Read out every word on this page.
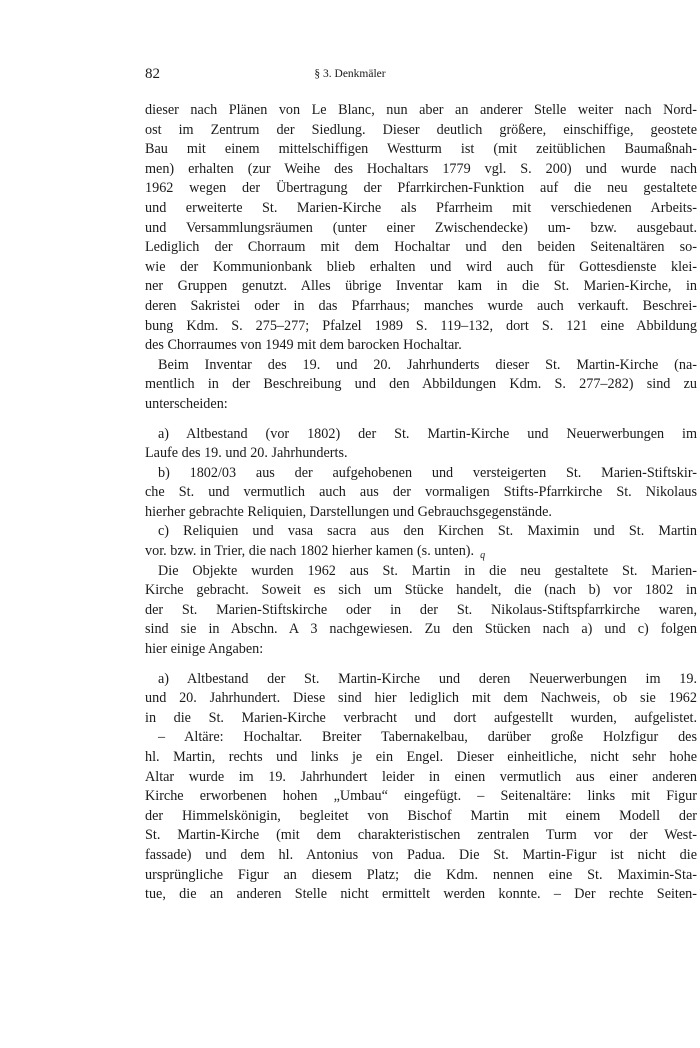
82	§ 3. Denkmäler
dieser nach Plänen von Le Blanc, nun aber an anderer Stelle weiter nach Nord-
ost im Zentrum der Siedlung. Dieser deutlich größere, einschiffige, geostete
Bau mit einem mittelschiffigen Westturm ist (mit zeitüblichen Baumaßnah-
men) erhalten (zur Weihe des Hochaltars 1779 vgl. S. 200) und wurde nach
1962 wegen der Übertragung der Pfarrkirchen-Funktion auf die neu gestaltete
und erweiterte St. Marien-Kirche als Pfarrheim mit verschiedenen Arbeits-
und Versammlungsräumen (unter einer Zwischendecke) um- bzw. ausgebaut.
Lediglich der Chorraum mit dem Hochaltar und den beiden Seitenaltären so-
wie der Kommunionbank blieb erhalten und wird auch für Gottesdienste klei-
ner Gruppen genutzt. Alles übrige Inventar kam in die St. Marien-Kirche, in
deren Sakristei oder in das Pfarrhaus; manches wurde auch verkauft. Beschrei-
bung Kdm. S. 275–277; Pfalzel 1989 S. 119–132, dort S. 121 eine Abbildung
des Chorraumes von 1949 mit dem barocken Hochaltar.
Beim Inventar des 19. und 20. Jahrhunderts dieser St. Martin-Kirche (na-
mentlich in der Beschreibung und den Abbildungen Kdm. S. 277–282) sind zu
unterscheiden:
a) Altbestand (vor 1802) der St. Martin-Kirche und Neuerwerbungen im
Laufe des 19. und 20. Jahrhunderts.
b) 1802/03 aus der aufgehobenen und versteigerten St. Marien-Stiftskir-
che St. und vermutlich auch aus der vormaligen Stifts-Pfarrkirche St. Nikolaus
hierher gebrachte Reliquien, Darstellungen und Gebrauchsgegenstände.
c) Reliquien und vasa sacra aus den Kirchen St. Maximin und St. Martin
vor. bzw. in Trier, die nach 1802 hierher kamen (s. unten). $_q$
Die Objekte wurden 1962 aus St. Martin in die neu gestaltete St. Marien-
Kirche gebracht. Soweit es sich um Stücke handelt, die (nach b) vor 1802 in
der St. Marien-Stiftskirche oder in der St. Nikolaus-Stiftspfarrkirche waren,
sind sie in Abschn. A 3 nachgewiesen. Zu den Stücken nach a) und c) folgen
hier einige Angaben:
a) Altbestand der St. Martin-Kirche und deren Neuerwerbungen im 19.
und 20. Jahrhundert. Diese sind hier lediglich mit dem Nachweis, ob sie 1962
in die St. Marien-Kirche verbracht und dort aufgestellt wurden, aufgelistet.
– Altäre: Hochaltar. Breiter Tabernakelbau, darüber große Holzfigur des
hl. Martin, rechts und links je ein Engel. Dieser einheitliche, nicht sehr hohe
Altar wurde im 19. Jahrhundert leider in einen vermutlich aus einer anderen
Kirche erworbenen hohen „Umbau“ eingefügt. – Seitenaltäre: links mit Figur
der Himmelskönigin, begleitet von Bischof Martin mit einem Modell der
St. Martin-Kirche (mit dem charakteristischen zentralen Turm vor der West-
fassade) und dem hl. Antonius von Padua. Die St. Martin-Figur ist nicht die
ursprüngliche Figur an diesem Platz; die Kdm. nennen eine St. Maximin-Sta-
tue, die an anderen Stelle nicht ermittelt werden konnte. – Der rechte Seiten-
